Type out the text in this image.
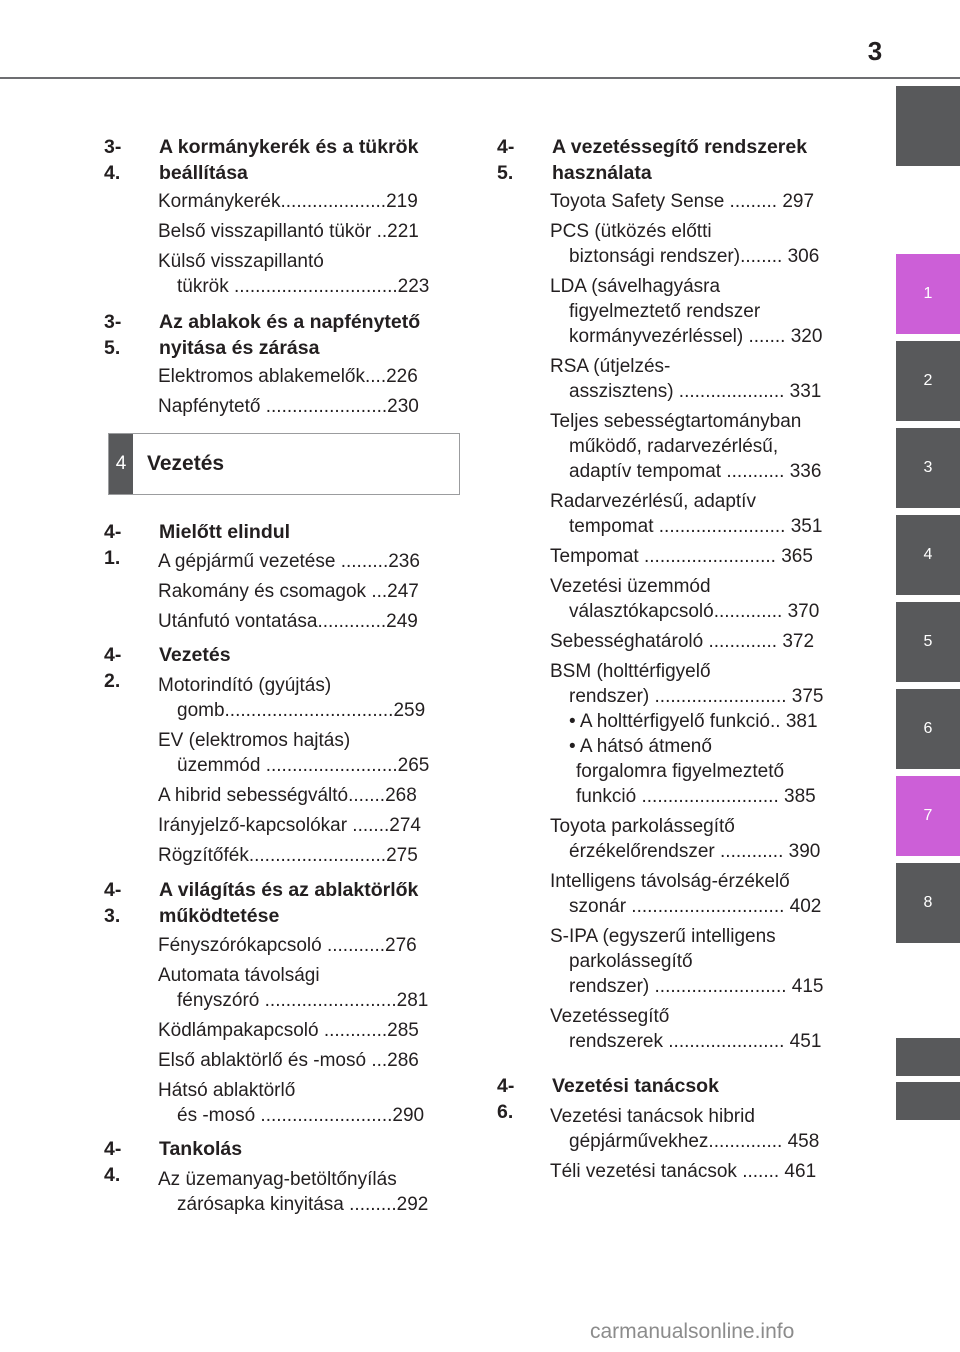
3
1
2
3
4
5
6
7
8
3-4.
A kormánykerék és a tükrök
beállítása
Kormánykerék....................219
Belső visszapillantó tükör ..221
Külső visszapillantó
tükrök ...............................223
3-5.
Az ablakok és a napfénytető
nyitása és zárása
Elektromos ablakemelők....226
Napfénytető .......................230
4 Vezetés
4-1.
Mielőtt elindul
A gépjármű vezetése .........236
Rakomány és csomagok ...247
Utánfutó vontatása.............249
4-2.
Vezetés
Motorindító (gyújtás)
gomb................................259
EV (elektromos hajtás)
üzemmód .........................265
A hibrid sebességváltó.......268
Irányjelző-kapcsolókar .......274
Rögzítőfék..........................275
4-3.
A világítás és az ablaktörlők
működtetése
Fényszórókapcsoló ...........276
Automata távolsági
fényszóró .........................281
Ködlámpakapcsoló ............285
Első ablaktörlő és -mosó ...286
Hátsó ablaktörlő
és -mosó .........................290
4-4.
Tankolás
Az üzemanyag-betöltőnyílás
zárósapka kinyitása .........292
4-5.
A vezetéssegítő rendszerek
használata
Toyota Safety Sense ......... 297
PCS (ütközés előtti
biztonsági rendszer)........ 306
LDA (sávelhagyásra
figyelmeztető rendszer
kormányvezérléssel) ....... 320
RSA (útjelzés-
asszisztens) .................... 331
Teljes sebességtartományban
működő, radarvezérlésű,
adaptív tempomat ........... 336
Radarvezérlésű, adaptív
tempomat ........................ 351
Tempomat ......................... 365
Vezetési üzemmód
választókapcsoló............. 370
Sebességhatároló ............. 372
BSM (holttérfigyelő
rendszer) ......................... 375
• A holttérfigyelő funkció.. 381
• A hátsó átmenő
forgalomra figyelmeztető
funkció .......................... 385
Toyota parkolássegítő
érzékelőrendszer ............ 390
Intelligens távolság-érzékelő
szonár ............................. 402
S-IPA (egyszerű intelligens
parkolássegítő
rendszer) ......................... 415
Vezetéssegítő
rendszerek ...................... 451
4-6.
Vezetési tanácsok
Vezetési tanácsok hibrid
gépjárművekhez.............. 458
Téli vezetési tanácsok ....... 461
carmanualsonline.info
